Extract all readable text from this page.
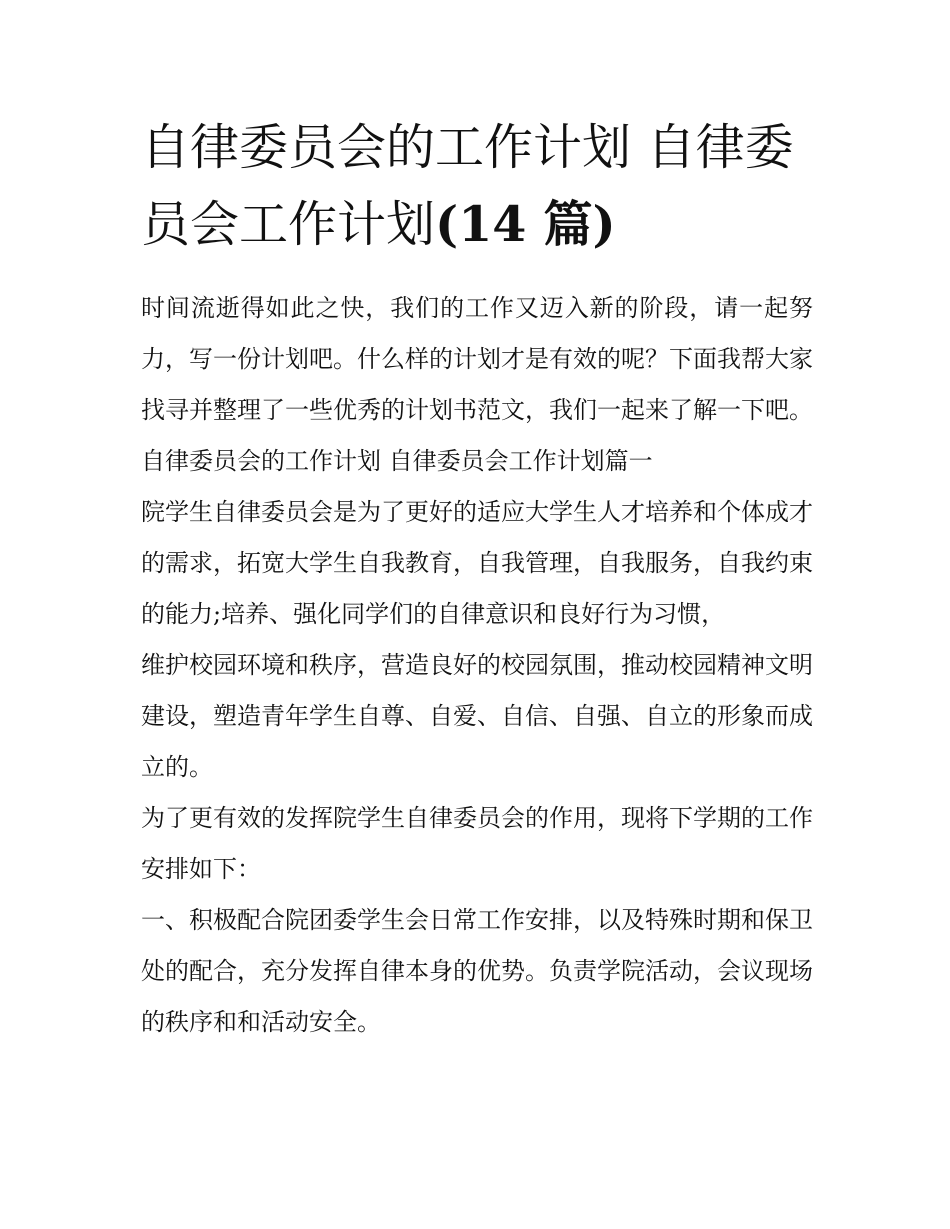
自律委员会的工作计划 自律委员会工作计划(14 篇)

时间流逝得如此之快，我们的工作又迈入新的阶段，请一起努力，写一份计划吧。什么样的计划才是有效的呢？下面我帮大家找寻并整理了一些优秀的计划书范文，我们一起来了解一下吧。

自律委员会的工作计划 自律委员会工作计划篇一

院学生自律委员会是为了更好的适应大学生人才培养和个体成才的需求，拓宽大学生自我教育，自我管理，自我服务，自我约束的能力;培养、强化同学们的自律意识和良好行为习惯，

维护校园环境和秩序，营造良好的校园氛围，推动校园精神文明建设，塑造青年学生自尊、自爱、自信、自强、自立的形象而成立的。

为了更有效的发挥院学生自律委员会的作用，现将下学期的工作安排如下：

一、积极配合院团委学生会日常工作安排，以及特殊时期和保卫处的配合，充分发挥自律本身的优势。负责学院活动，会议现场的秩序和和活动安全。
